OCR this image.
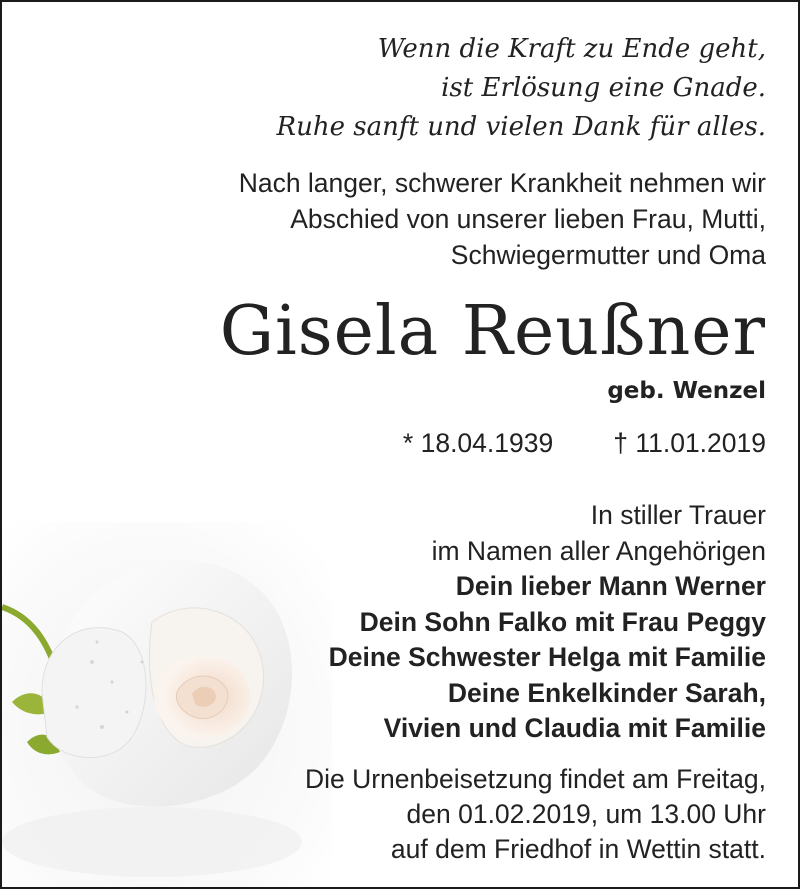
Wenn die Kraft zu Ende geht,
ist Erlösung eine Gnade.
Ruhe sanft und vielen Dank für alles.
Nach langer, schwerer Krankheit nehmen wir
Abschied von unserer lieben Frau, Mutti,
Schwiegermutter und Oma
Gisela Reußner
geb. Wenzel
* 18.04.1939 † 11.01.2019
In stiller Trauer
im Namen aller Angehörigen
Dein lieber Mann Werner
Dein Sohn Falko mit Frau Peggy
Deine Schwester Helga mit Familie
Deine Enkelkinder Sarah,
Vivien und Claudia mit Familie
Die Urnenbeisetzung findet am Freitag,
den 01.02.2019, um 13.00 Uhr
auf dem Friedhof in Wettin statt.
